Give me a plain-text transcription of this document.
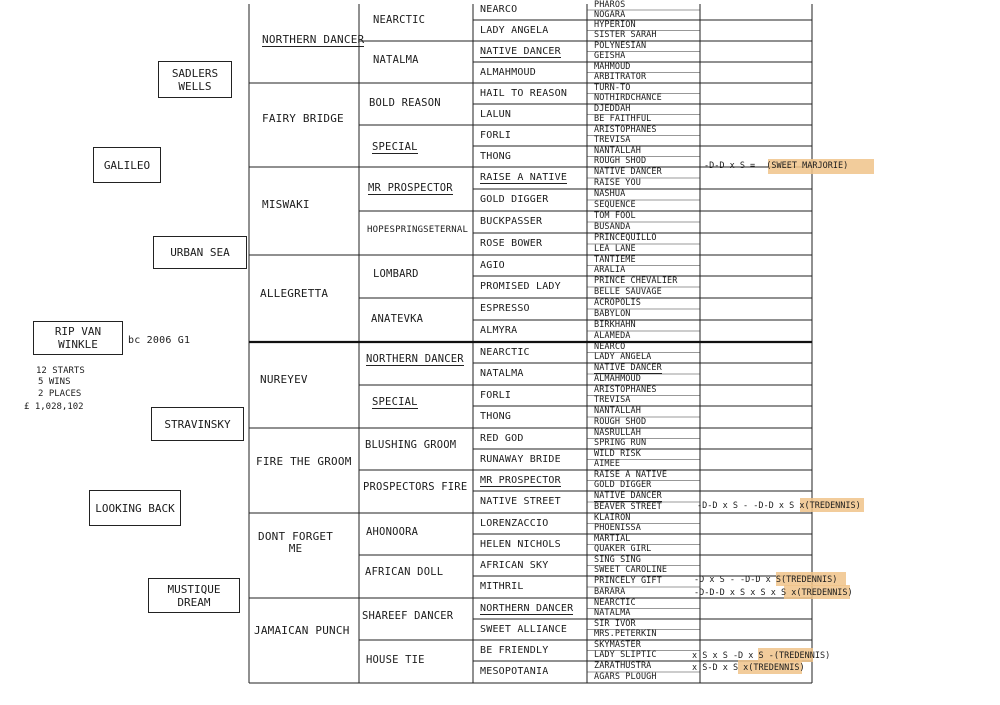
RIP VAN
WINKLE	bc 2006 G1
12 STARTS
5 WINS
2 PLACES
£ 1,028,102
GALILEO
LOOKING BACK
SADLERS
WELLS
URBAN SEA
STRAVINSKY
MUSTIQUE
DREAM
NORTHERN DANCER
FAIRY BRIDGE
MISWAKI
ALLEGRETTA
NUREYEV
FIRE THE GROOM
DONT FORGET
ME
JAMAICAN PUNCH
NEARCTIC
NATALMA
BOLD REASON
SPECIAL
MR PROSPECTOR
HOPESPRINGSETERNAL
LOMBARD
ANATEVKA
NORTHERN DANCER
SPECIAL
BLUSHING GROOM
PROSPECTORS FIRE
AHONOORA
AFRICAN DOLL
SHAREEF DANCER
HOUSE TIE
NEARCO
LADY ANGELA
NATIVE DANCER
ALMAHMOUD
HAIL TO REASON
LALUN
FORLI
THONG
RAISE A NATIVE
GOLD DIGGER
BUCKPASSER
ROSE BOWER
AGIO
PROMISED LADY
ESPRESSO
ALMYRA
NEARCTIC
NATALMA
FORLI
THONG
RED GOD
RUNAWAY BRIDE
MR PROSPECTOR
NATIVE STREET
LORENZACCIO
HELEN NICHOLS
AFRICAN SKY
MITHRIL
NORTHERN DANCER
SWEET ALLIANCE
BE FRIENDLY
MESOPOTANIA
PHAROS
NOGARA
HYPERION
SISTER SARAH
POLYNESIAN
GEISHA
MAHMOUD
ARBITRATOR
TURN-TO
NOTHIRDCHANCE
DJEDDAH
BE FAITHFUL
ARISTOPHANES
TREVISA
NANTALLAH
ROUGH SHOD
NATIVE DANCER
RAISE YOU
NASHUA
SEQUENCE
TOM FOOL
BUSANDA
PRINCEQUILLO
LEA LANE
TANTIEME
ARALIA
PRINCE CHEVALIER
BELLE SAUVAGE
ACROPOLIS
BABYLON
BIRKHAHN
ALAMEDA
NEARCO
LADY ANGELA
NATIVE DANCER
ALMAHMOUD
ARISTOPHANES
TREVISA
NANTALLAH
ROUGH SHOD
NASRULLAH
SPRING RUN
WILD RISK
AIMEE
RAISE A NATIVE
GOLD DIGGER
NATIVE DANCER
BEAVER STREET
KLAIRON
PHOENISSA
MARTIAL
QUAKER GIRL
SING SING
SWEET CAROLINE
PRINCELY GIFT
BARARA
NEARCTIC
NATALMA
SIR IVOR
MRS.PETERKIN
SKYMASTER
LADY SLIPTIC
ZARATHUSTRA
AGARS PLOUGH
-D-D x S = (SWEET MARJORIE)
-D-D x S - -D-D x S x(TREDENNIS)
-D x S - -D-D x S(TREDENNIS)
-D-D-D x S x S x S x(TREDENNIS)
x S x S -D x S -(TREDENNIS)
x S-D x S x(TREDENNIS)
